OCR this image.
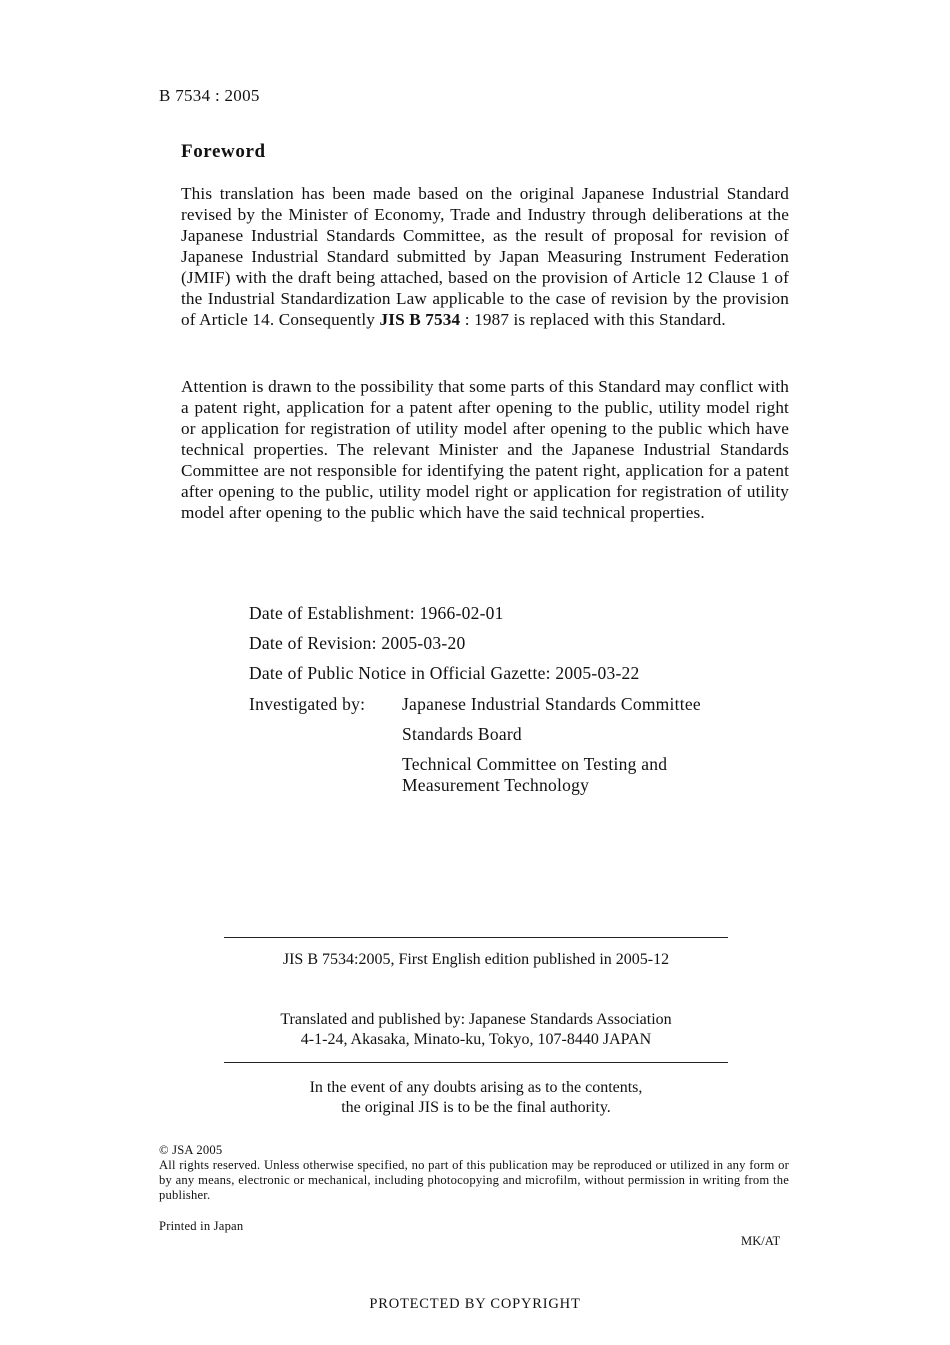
B 7534 : 2005
Foreword
This translation has been made based on the original Japanese Industrial Standard revised by the Minister of Economy, Trade and Industry through deliberations at the Japanese Industrial Standards Committee, as the result of proposal for revision of Japanese Industrial Standard submitted by Japan Measuring Instrument Federation (JMIF) with the draft being attached, based on the provision of Article 12 Clause 1 of the Industrial Standardization Law applicable to the case of revision by the provision of Article 14. Consequently JIS B 7534 : 1987 is replaced with this Standard.
Attention is drawn to the possibility that some parts of this Standard may conflict with a patent right, application for a patent after opening to the public, utility model right or application for registration of utility model after opening to the public which have technical properties. The relevant Minister and the Japanese Industrial Standards Committee are not responsible for identifying the patent right, application for a patent after opening to the public, utility model right or application for registration of utility model after opening to the public which have the said technical properties.
Date of Establishment: 1966-02-01
Date of Revision: 2005-03-20
Date of Public Notice in Official Gazette: 2005-03-22
Investigated by: Japanese Industrial Standards Committee
Standards Board
Technical Committee on Testing and Measurement Technology
JIS B 7534:2005, First English edition published in 2005-12
Translated and published by: Japanese Standards Association
4-1-24, Akasaka, Minato-ku, Tokyo, 107-8440 JAPAN
In the event of any doubts arising as to the contents,
the original JIS is to be the final authority.
© JSA 2005
All rights reserved. Unless otherwise specified, no part of this publication may be reproduced or utilized in any form or by any means, electronic or mechanical, including photocopying and microfilm, without permission in writing from the publisher.
Printed in Japan
MK/AT
PROTECTED BY COPYRIGHT
